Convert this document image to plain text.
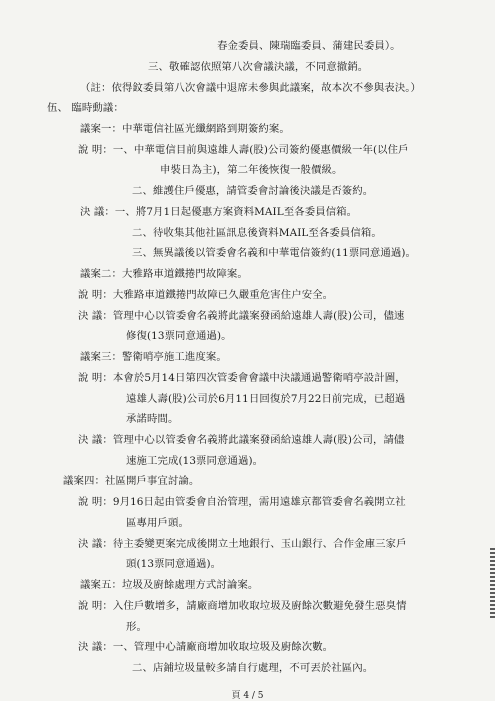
春金委員、陳瑞臨委員、蒲建民委員）。
三、敬確認依照第八次會議決議，不同意撤銷。
（註：依得鈫委員第八次會議中退席未參與此議案，故本次不參與表決。）
伍、 臨時動議：
議案一：中華電信社區光纖網路到期簽約案。
說 明：一、中華電信目前與遠雄人壽(股)公司簽約優惠價級一年(以住戶
申裝日為主)，第二年後恢復一般價級。
二、維護住戶優惠，請管委會討論後決議是否簽約。
決 議：一、將7月1日起優惠方案資料MAIL至各委員信箱。
二、待收集其他社區訊息後資料MAIL至各委員信箱。
三、無異議後以管委會名義和中華電信簽約(11票同意通過)。
議案二：大雅路車道鐵捲門故障案。
說 明：大雅路車道鐵捲門故障已久嚴重危害住户安全。
決 議：管理中心以管委會名義將此議案發函給遠雄人壽(股)公司，儘速
修復(13票同意通過)。
議案三：警衛哨亭施工進度案。
說 明：本會於5月14日第四次管委會會議中決議通過警衛哨亭設計圖，
遠雄人壽(股)公司於6月11日回復於7月22日前完成，已超過
承諾時間。
決 議：管理中心以管委會名義將此議案發函給遠雄人壽(股)公司，請儘
速施工完成(13票同意通過)。
議案四：社區開戶事宜討論。
說 明：9月16日起由管委會自治管理，需用遠雄京都管委會名義開立社
區專用戶頭。
決 議：待主委變更案完成後開立土地銀行、玉山銀行、合作金庫三家戶
頭(13票同意通過)。
議案五：垃圾及廚餘處理方式討論案。
說 明：入住戶數增多，請廠商增加收取垃圾及廚餘次數避免發生惡臭情
形。
決 議：一、管理中心請廠商增加收取垃圾及廚餘次數。
二、店鋪垃圾量較多請自行處理，不可丟於社區內。
頁 4 / 5
